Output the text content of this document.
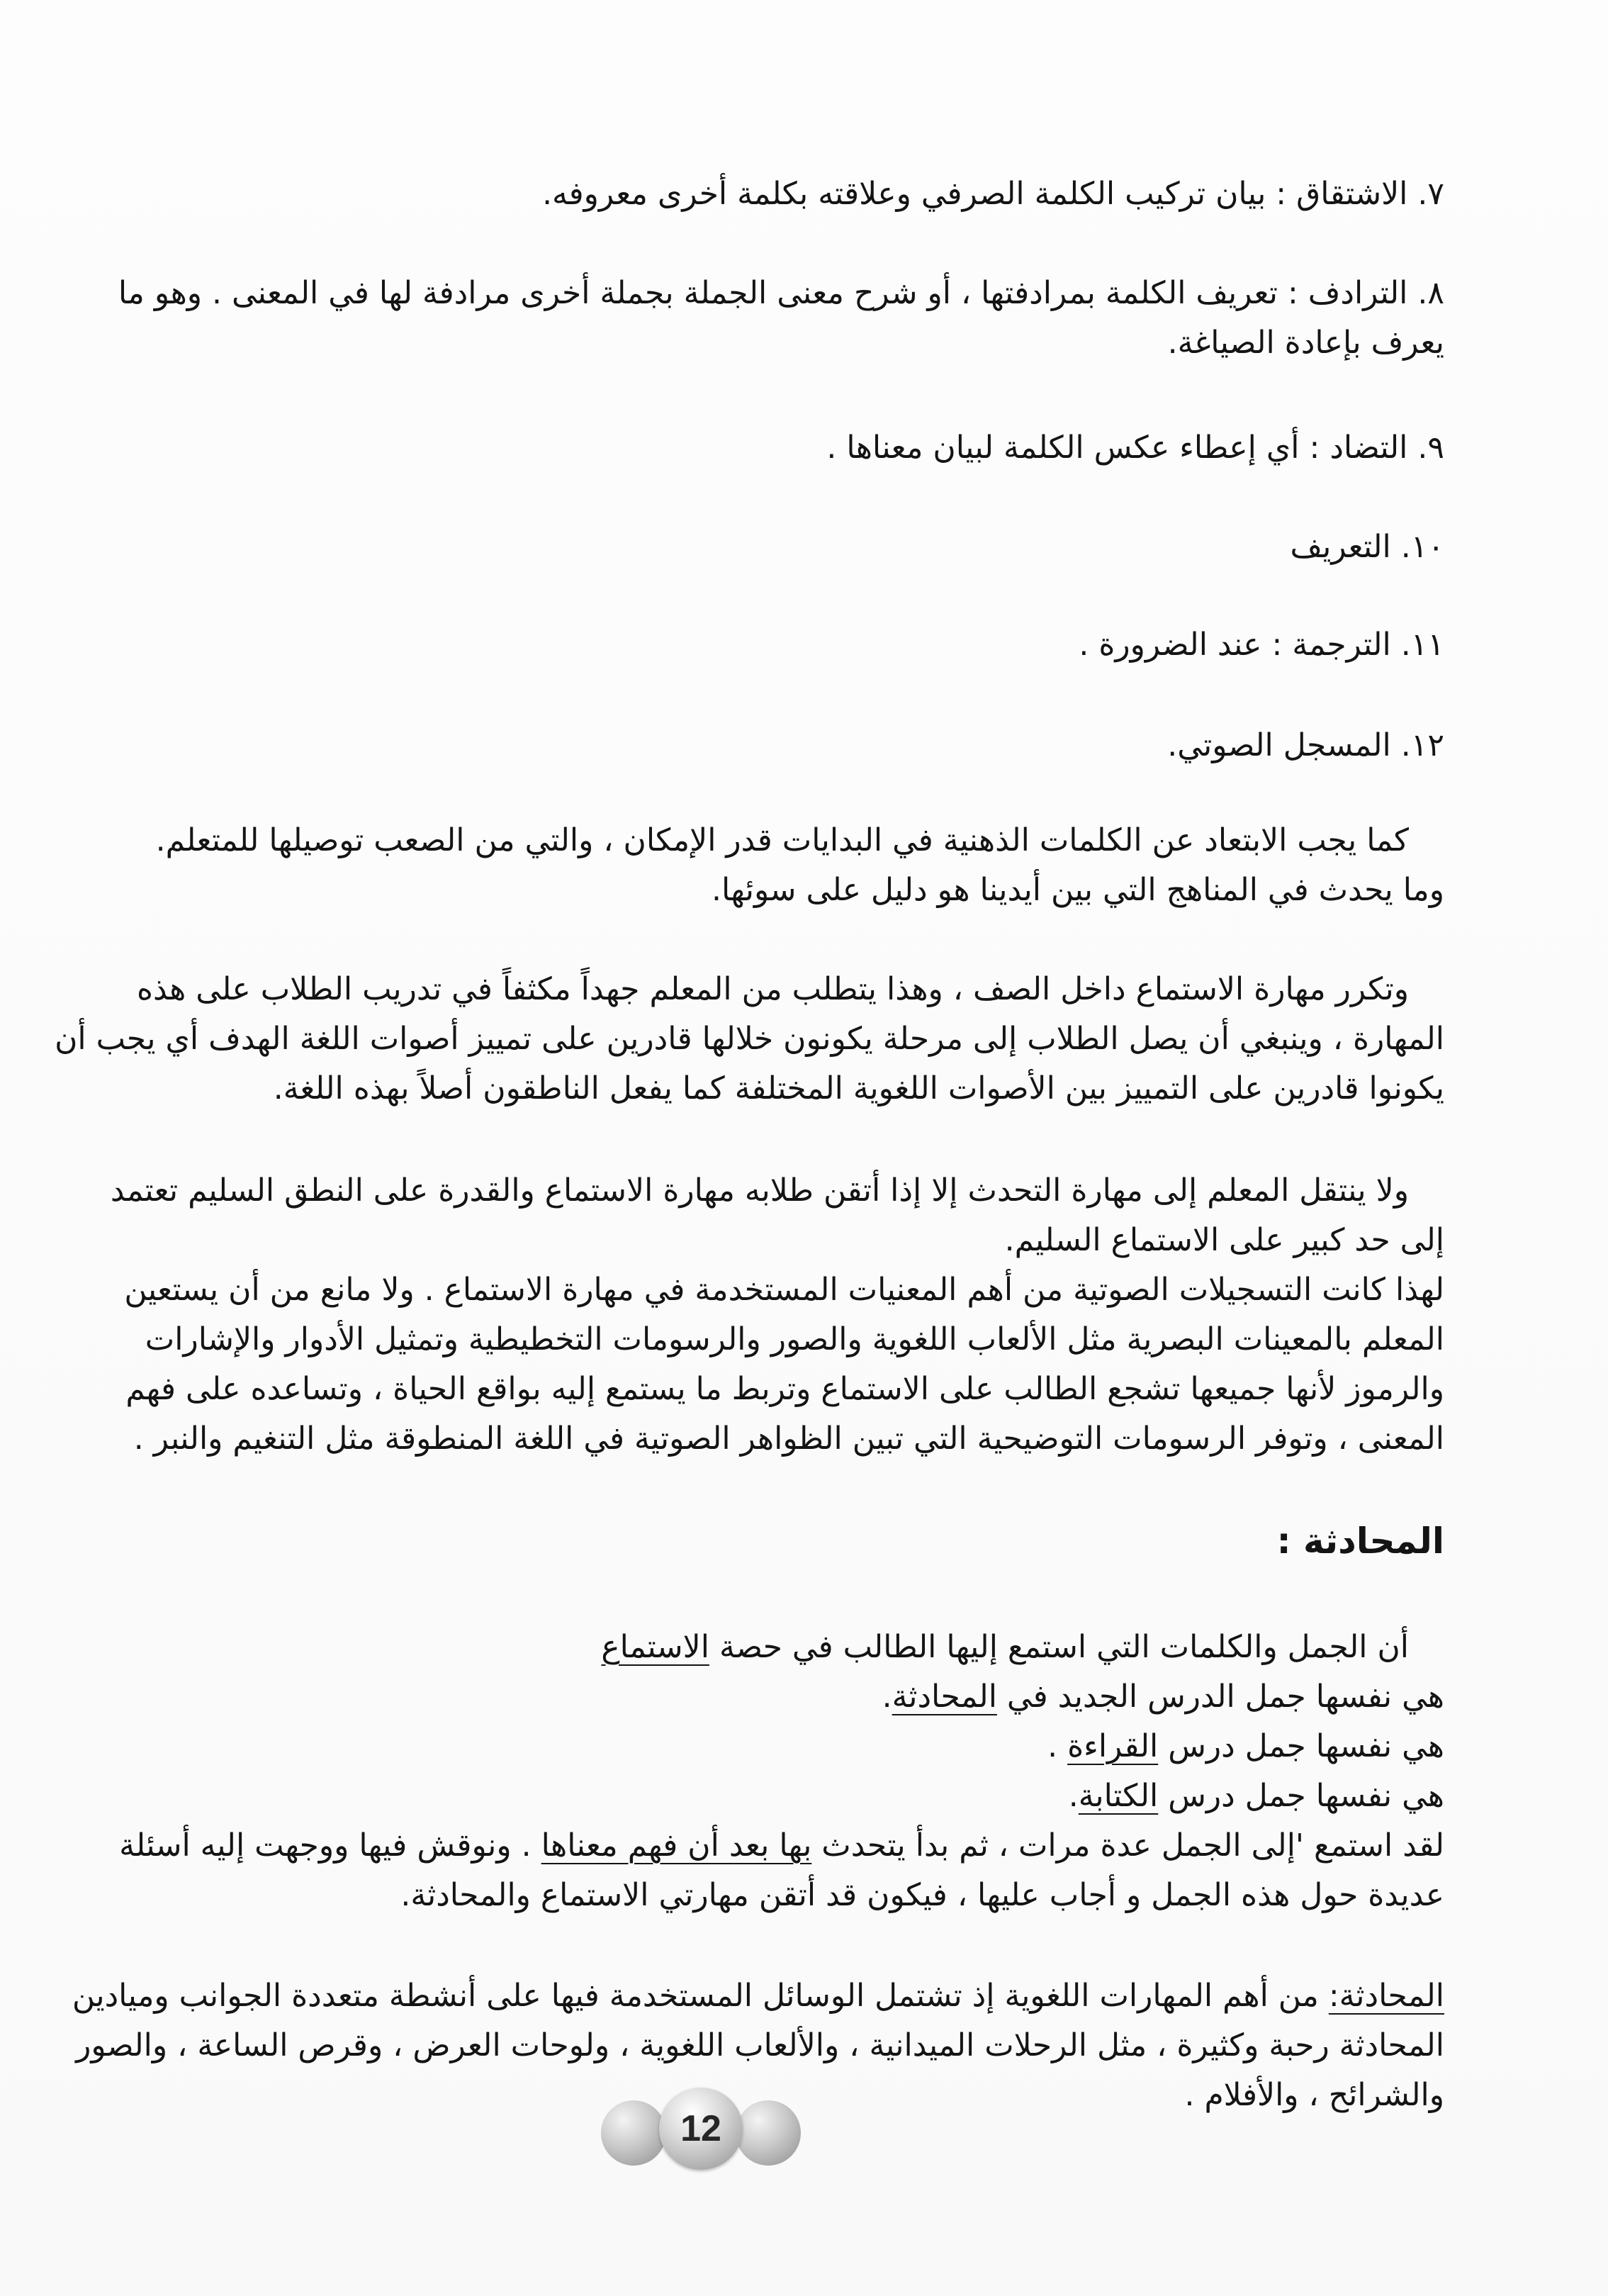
٧. الاشتقاق : بيان تركيب الكلمة الصرفي وعلاقته بكلمة أخرى معروفه.
٨. الترادف : تعريف الكلمة بمرادفتها ، أو شرح معنى الجملة بجملة أخرى مرادفة لها في المعنى . وهو ما
يعرف بإعادة الصياغة.
٩. التضاد : أي إعطاء عكس الكلمة لبيان معناها .
١٠. التعريف
١١. الترجمة : عند الضرورة .
١٢. المسجل الصوتي.
كما يجب الابتعاد عن الكلمات الذهنية في البدايات قدر الإمكان ، والتي من الصعب توصيلها للمتعلم.
وما يحدث في المناهج التي بين أيدينا هو دليل على سوئها.
وتكرر مهارة الاستماع داخل الصف ، وهذا يتطلب من المعلم جهداً مكثفاً في تدريب الطلاب على هذه
المهارة ، وينبغي أن يصل الطلاب إلى مرحلة يكونون خلالها قادرين على تمييز أصوات اللغة الهدف أي يجب أن
يكونوا قادرين على التمييز بين الأصوات اللغوية المختلفة كما يفعل الناطقون أصلاً بهذه اللغة.
ولا ينتقل المعلم إلى مهارة التحدث إلا إذا أتقن طلابه مهارة الاستماع والقدرة على النطق السليم تعتمد
إلى حد كبير على الاستماع السليم.
لهذا كانت التسجيلات الصوتية من أهم المعنيات المستخدمة في مهارة الاستماع . ولا مانع من أن يستعين
المعلم بالمعينات البصرية مثل الألعاب اللغوية والصور والرسومات التخطيطية وتمثيل الأدوار والإشارات
والرموز لأنها جميعها تشجع الطالب على الاستماع وتربط ما يستمع إليه بواقع الحياة ، وتساعده على فهم
المعنى ، وتوفر الرسومات التوضيحية التي تبين الظواهر الصوتية في اللغة المنطوقة مثل التنغيم والنبر .
المحادثة :
أن الجمل والكلمات التي استمع إليها الطالب في حصة الاستماع
هي نفسها جمل الدرس الجديد في المحادثة.
هي نفسها جمل درس القراءة .
هي نفسها جمل درس الكتابة.
لقد استمع 'إلى الجمل عدة مرات ، ثم بدأ يتحدث بها بعد أن فهم معناها . ونوقش فيها ووجهت إليه أسئلة
عديدة حول هذه الجمل و أجاب عليها ، فيكون قد أتقن مهارتي الاستماع والمحادثة.
المحادثة: من أهم المهارات اللغوية إذ تشتمل الوسائل المستخدمة فيها على أنشطة متعددة الجوانب وميادين
المحادثة رحبة وكثيرة ، مثل الرحلات الميدانية ، والألعاب اللغوية ، ولوحات العرض ، وقرص الساعة ، والصور
والشرائح ، والأفلام .
12
